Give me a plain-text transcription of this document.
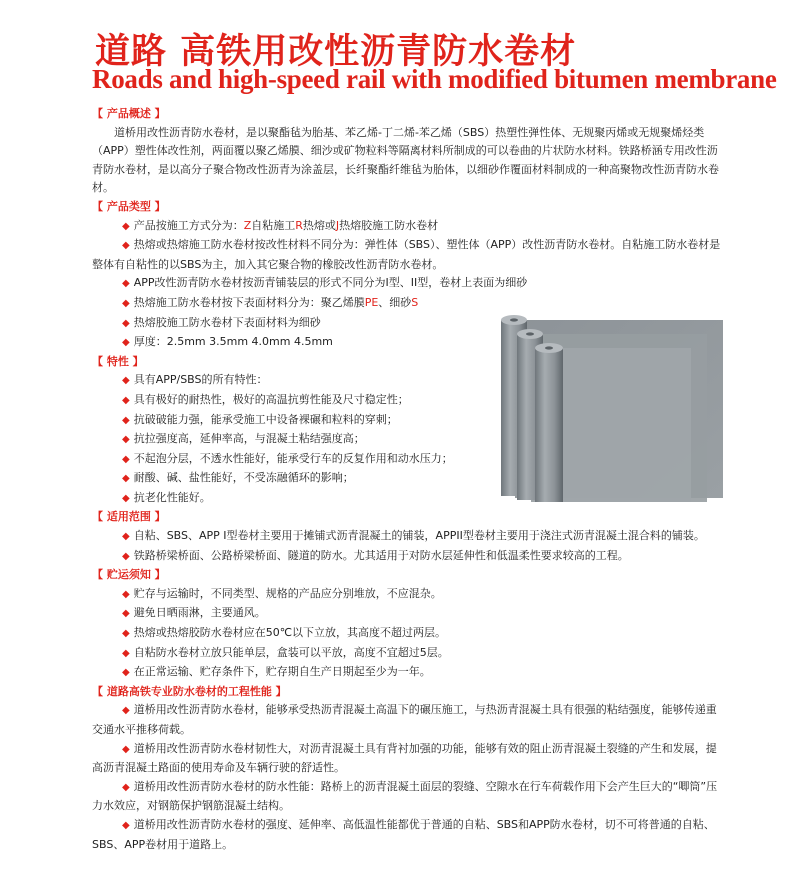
道路 高铁用改性沥青防水卷材
Roads and high-speed rail with modified bitumen membrane
【 产品概述 】
道桥用改性沥青防水卷材，是以聚酯毡为胎基、苯乙烯-丁二烯-苯乙烯（SBS）热塑性弹性体、无规聚丙烯或无规聚烯烃类（APP）塑性体改性剂，两面覆以聚乙烯膜、细沙或矿物粒料等隔离材料所制成的可以卷曲的片状防水材料。铁路桥涵专用改性沥青防水卷材，是以高分子聚合物改性沥青为涂盖层，长纤聚酯纤维毡为胎体，以细砂作覆面材料制成的一种高聚物改性沥青防水卷材。
【 产品类型 】
◆ 产品按施工方式分为：Z自粘施工R热熔或J热熔胶施工防水卷材
◆ 热熔或热熔施工防水卷材按改性材料不同分为：弹性体（SBS）、塑性体（APP）改性沥青防水卷材。自粘施工防水卷材是整体有自粘性的以SBS为主，加入其它聚合物的橡胶改性沥青防水卷材。
◆ APP改性沥青防水卷材按沥青铺装层的形式不同分为I型、II型，卷材上表面为细砂
◆ 热熔施工防水卷材按下表面材料分为：聚乙烯膜PE、细砂S
◆ 热熔胶施工防水卷材下表面材料为细砂
◆ 厚度：2.5mm 3.5mm 4.0mm 4.5mm
【 特性 】
◆ 具有APP/SBS的所有特性：
◆ 具有极好的耐热性，极好的高温抗剪性能及尺寸稳定性；
◆ 抗破破能力强，能承受施工中设备裸碾和粒料的穿刺；
◆ 抗拉强度高，延伸率高，与混凝土粘结强度高；
◆ 不起泡分层，不透水性能好，能承受行车的反复作用和动水压力；
◆ 耐酸、碱、盐性能好，不受冻融循环的影响；
◆ 抗老化性能好。
【 适用范围 】
◆ 自粘、SBS、APP I型卷材主要用于摊铺式沥青混凝土的铺装，APPII型卷材主要用于浇注式沥青混凝土混合料的铺装。
◆ 铁路桥梁桥面、公路桥梁桥面、隧道的防水。尤其适用于对防水层延伸性和低温柔性要求较高的工程。
【 贮运须知 】
◆ 贮存与运输时，不同类型、规格的产品应分别堆放，不应混杂。
◆ 避免日晒雨淋，主要通风。
◆ 热熔或热熔胶防水卷材应在50℃以下立放，其高度不超过两层。
◆ 自粘防水卷材立放只能单层，盒装可以平放，高度不宜超过5层。
◆ 在正常运输、贮存条件下，贮存期自生产日期起至少为一年。
【 道路高铁专业防水卷材的工程性能 】
◆ 道桥用改性沥青防水卷材，能够承受热沥青混凝土高温下的碾压施工，与热沥青混凝土具有很强的粘结强度，能够传递重交通水平推移荷载。
◆ 道桥用改性沥青防水卷材韧性大，对沥青混凝土具有背衬加强的功能，能够有效的阻止沥青混凝土裂缝的产生和发展，提高沥青混凝土路面的使用寿命及车辆行驶的舒适性。
◆ 道桥用改性沥青防水卷材的防水性能：路桥上的沥青混凝土面层的裂缝、空隙水在行车荷载作用下会产生巨大的“唧筒”压力水效应，对钢筋保护钢筋混凝土结构。
◆ 道桥用改性沥青防水卷材的强度、延伸率、高低温性能都优于普通的自粘、SBS和APP防水卷材，切不可将普通的自粘、SBS、APP卷材用于道路上。
